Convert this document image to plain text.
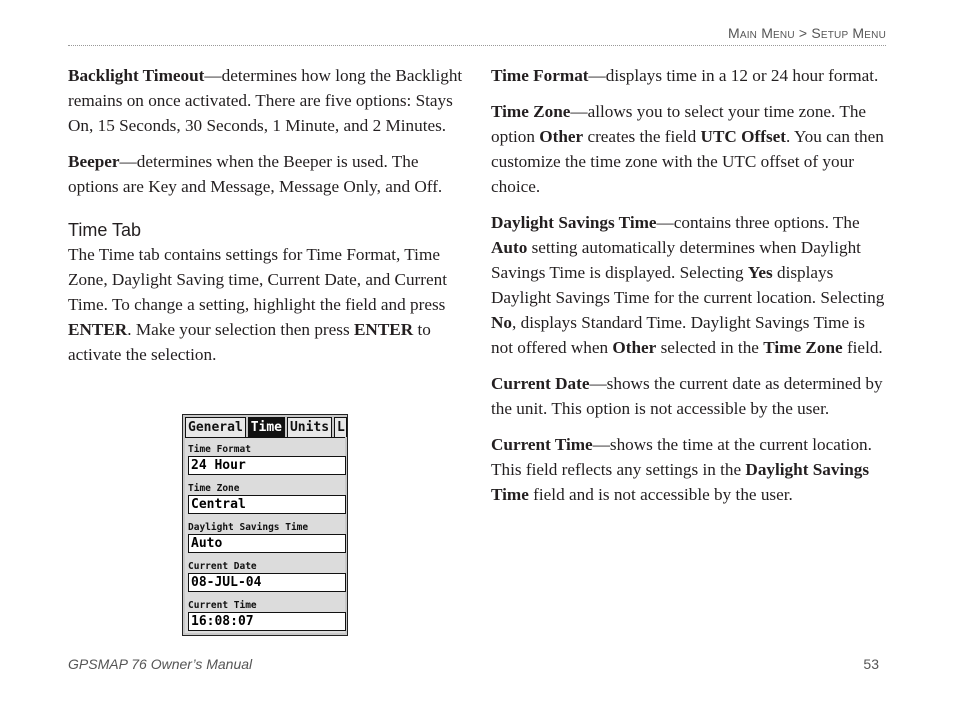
Main Menu > Setup Menu

Backlight Timeout—determines how long the Backlight remains on once activated. There are five options: Stays On, 15 Seconds, 30 Seconds, 1 Minute, and 2 Minutes.

Beeper—determines when the Beeper is used. The options are Key and Message, Message Only, and Off.

Time Tab

The Time tab contains settings for Time Format, Time Zone, Daylight Saving time, Current Date, and Current Time. To change a setting, highlight the field and press ENTER. Make your selection then press ENTER to activate the selection.

General Time Units L
Time Format
24 Hour
Time Zone
Central
Daylight Savings Time
Auto
Current Date
08-JUL-04
Current Time
16:08:07

Time Format—displays time in a 12 or 24 hour format.

Time Zone—allows you to select your time zone. The option Other creates the field UTC Offset. You can then customize the time zone with the UTC offset of your choice.

Daylight Savings Time—contains three options. The Auto setting automatically determines when Daylight Savings Time is displayed. Selecting Yes displays Daylight Savings Time for the current location. Selecting No, displays Standard Time. Daylight Savings Time is not offered when Other selected in the Time Zone field.

Current Date—shows the current date as determined by the unit. This option is not accessible by the user.

Current Time—shows the time at the current location. This field reflects any settings in the Daylight Savings Time field and is not accessible by the user.

GPSMAP 76 Owner’s Manual	53
